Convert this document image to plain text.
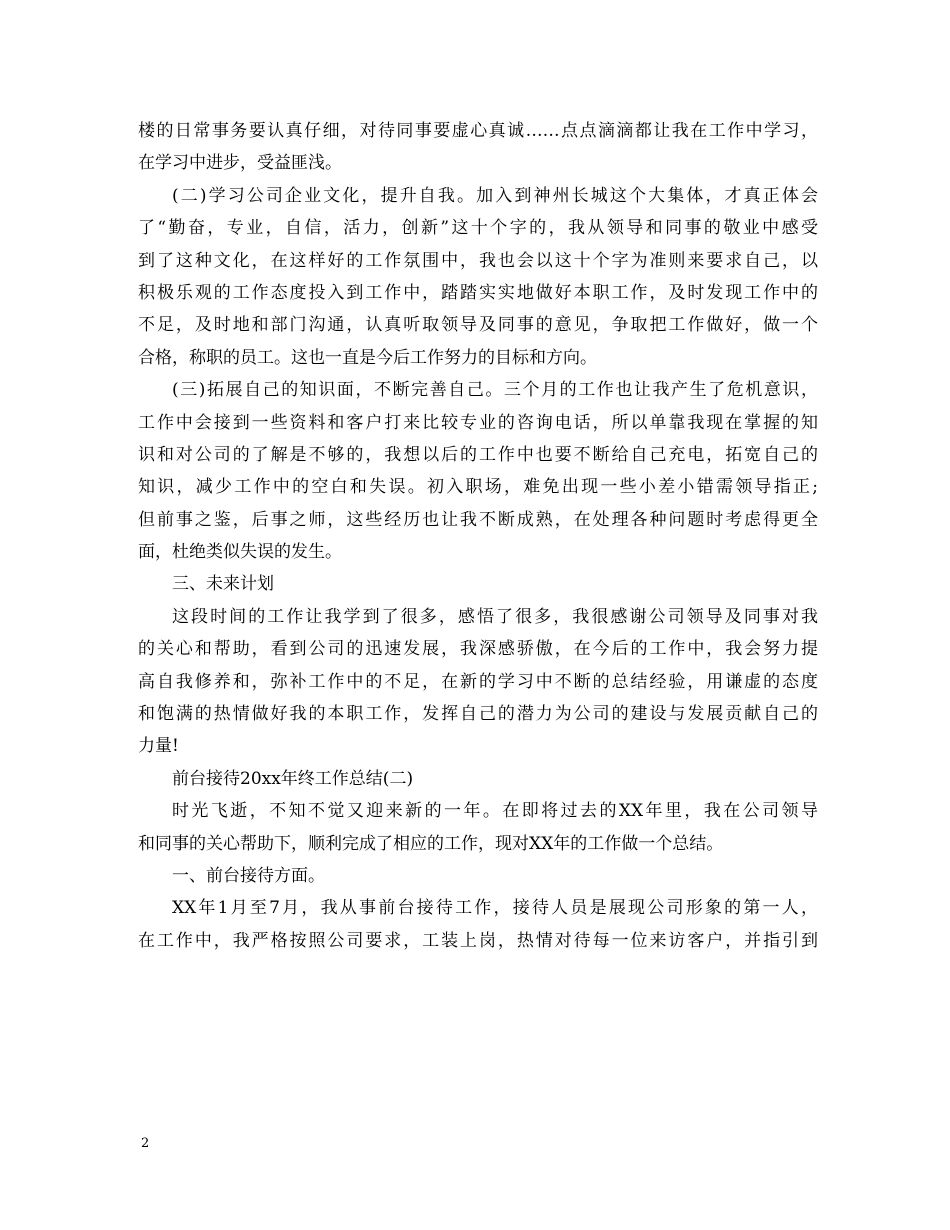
楼的日常事务要认真仔细，对待同事要虚心真诚……点点滴滴都让我在工作中学习，
在学习中进步，受益匪浅。
(二)学习公司企业文化，提升自我。加入到神州长城这个大集体，才真正体会
了“勤奋，专业，自信，活力，创新”这十个字的，我从领导和同事的敬业中感受
到了这种文化，在这样好的工作氛围中，我也会以这十个字为准则来要求自己，以
积极乐观的工作态度投入到工作中，踏踏实实地做好本职工作，及时发现工作中的
不足，及时地和部门沟通，认真听取领导及同事的意见，争取把工作做好，做一个
合格，称职的员工。这也一直是今后工作努力的目标和方向。
(三)拓展自己的知识面，不断完善自己。三个月的工作也让我产生了危机意识，
工作中会接到一些资料和客户打来比较专业的咨询电话，所以单靠我现在掌握的知
识和对公司的了解是不够的，我想以后的工作中也要不断给自己充电，拓宽自己的
知识，减少工作中的空白和失误。初入职场，难免出现一些小差小错需领导指正;
但前事之鉴，后事之师，这些经历也让我不断成熟，在处理各种问题时考虑得更全
面，杜绝类似失误的发生。
三、未来计划
这段时间的工作让我学到了很多，感悟了很多，我很感谢公司领导及同事对我
的关心和帮助，看到公司的迅速发展，我深感骄傲，在今后的工作中，我会努力提
高自我修养和，弥补工作中的不足，在新的学习中不断的总结经验，用谦虚的态度
和饱满的热情做好我的本职工作，发挥自己的潜力为公司的建设与发展贡献自己的
力量!
前台接待20xx年终工作总结(二)
时光飞逝，不知不觉又迎来新的一年。在即将过去的XX年里，我在公司领导
和同事的关心帮助下，顺利完成了相应的工作，现对XX年的工作做一个总结。
一、前台接待方面。
XX年1月至7月，我从事前台接待工作，接待人员是展现公司形象的第一人，
在工作中，我严格按照公司要求，工装上岗，热情对待每一位来访客户，并指引到
2
